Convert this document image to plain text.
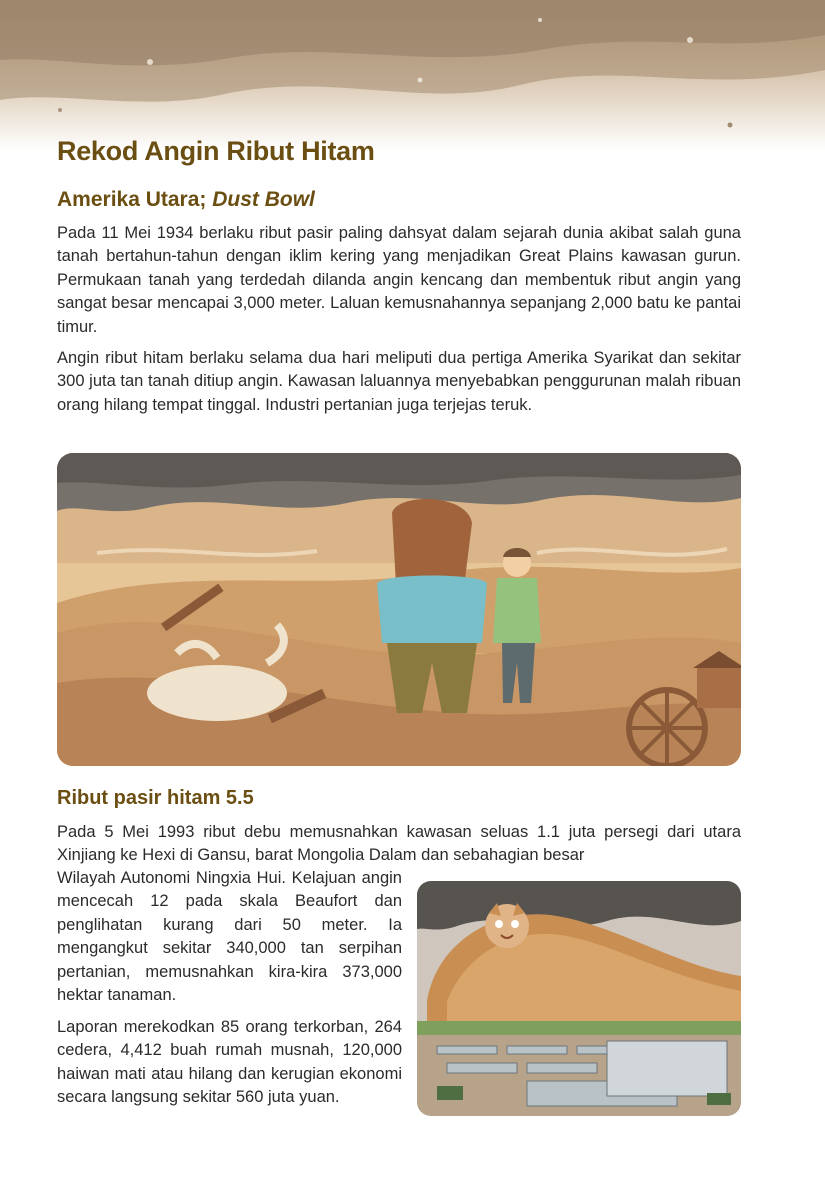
Rekod Angin Ribut Hitam
Amerika Utara; Dust Bowl

Pada 11 Mei 1934 berlaku ribut pasir paling dahsyat dalam sejarah dunia akibat salah guna tanah bertahun-tahun dengan iklim kering yang menjadikan Great Plains kawasan gurun. Permukaan tanah yang terdedah dilanda angin kencang dan membentuk ribut angin yang sangat besar mencapai 3,000 meter. Laluan kemusnahannya sepanjang 2,000 batu ke pantai timur.

Angin ribut hitam berlaku selama dua hari meliputi dua pertiga Amerika Syarikat dan sekitar 300 juta tan tanah ditiup angin. Kawasan laluannya menyebabkan penggurunan malah ribuan orang hilang tempat tinggal. Industri pertanian juga terjejas teruk.

Ribut pasir hitam 5.5

Pada 5 Mei 1993 ribut debu memusnahkan kawasan seluas 1.1 juta persegi dari utara Xinjiang ke Hexi di Gansu, barat Mongolia Dalam dan sebahagian besar

Wilayah Autonomi Ningxia Hui. Kelajuan angin mencecah 12 pada skala Beaufort dan penglihatan kurang dari 50 meter. Ia mengangkut sekitar 340,000 tan serpihan pertanian, memusnahkan kira-kira 373,000 hektar tanaman.

Laporan merekodkan 85 orang terkorban, 264 cedera, 4,412 buah rumah musnah, 120,000 haiwan mati atau hilang dan kerugian ekonomi secara langsung sekitar 560 juta yuan.
